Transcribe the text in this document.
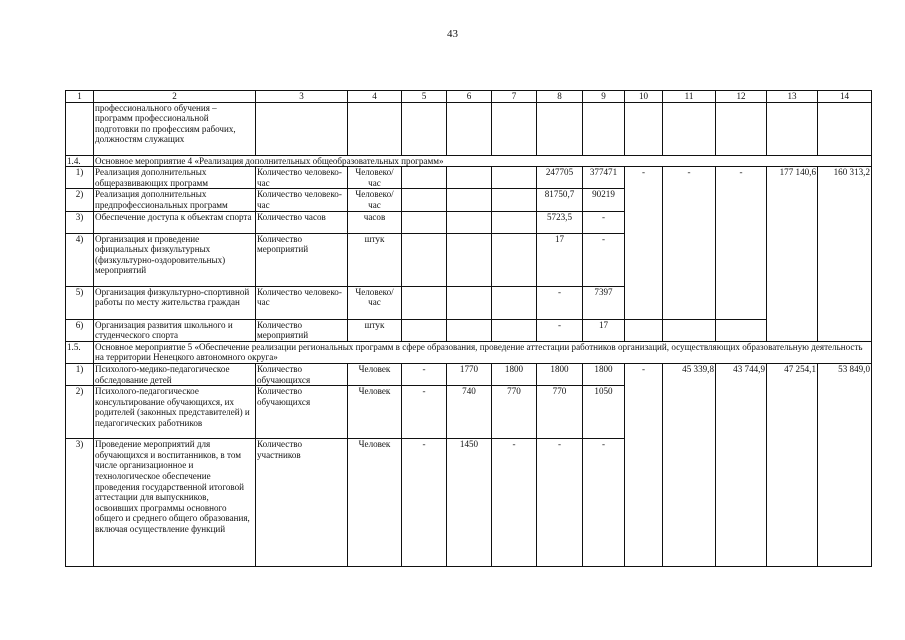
43
1	2	3	4	5	6	7	8	9	10	11	12	13	14
	профессионального обучения – программ профессиональной подготовки по профессиям рабочих, должностям служащих												
1.4.	Основное мероприятие 4 «Реализация дополнительных общеобразовательных программ»												
1)	Реализация дополнительных общеразвивающих программ	Количество человеко-час	Человеко/ час				247705	377471	-	-	-	177 140,6	160 313,2
2)	Реализация дополнительных предпрофессиональных программ	Количество человеко-час	Человеко/ час				81750,7	90219					
3)	Обеспечение доступа к объектам спорта	Количество часов	часов				5723,5	-					
4)	Организация и проведение официальных физкультурных (физкультурно-оздоровительных) мероприятий	Количество мероприятий	штук				17	-					
5)	Организация физкультурно-спортивной работы по месту жительства граждан	Количество человеко-час	Человеко/ час				-	7397					
6)	Организация развития школьного и студенческого спорта	Количество мероприятий	штук				-	17					
1.5.	Основное мероприятие 5 «Обеспечение реализации региональных программ в сфере образования, проведение аттестации работников организаций, осуществляющих образовательную деятельность на территории Ненецкого автономного округа»												
1)	Психолого-медико-педагогическое обследование детей	Количество обучающихся	Человек	-	1770	1800	1800	1800	-	45 339,8	43 744,9	47 254,1	53 849,0
2)	Психолого-педагогическое консультирование обучающихся, их родителей (законных представителей) и педагогических работников	Количество обучающихся	Человек	-	740	770	770	1050					
3)	Проведение мероприятий для обучающихся и воспитанников, в том числе организационное и технологическое обеспечение проведения государственной итоговой аттестации для выпускников, освоивших программы основного общего и среднего общего образования, включая осуществление функций	Количество участников	Человек	-	1450	-	-	-					
